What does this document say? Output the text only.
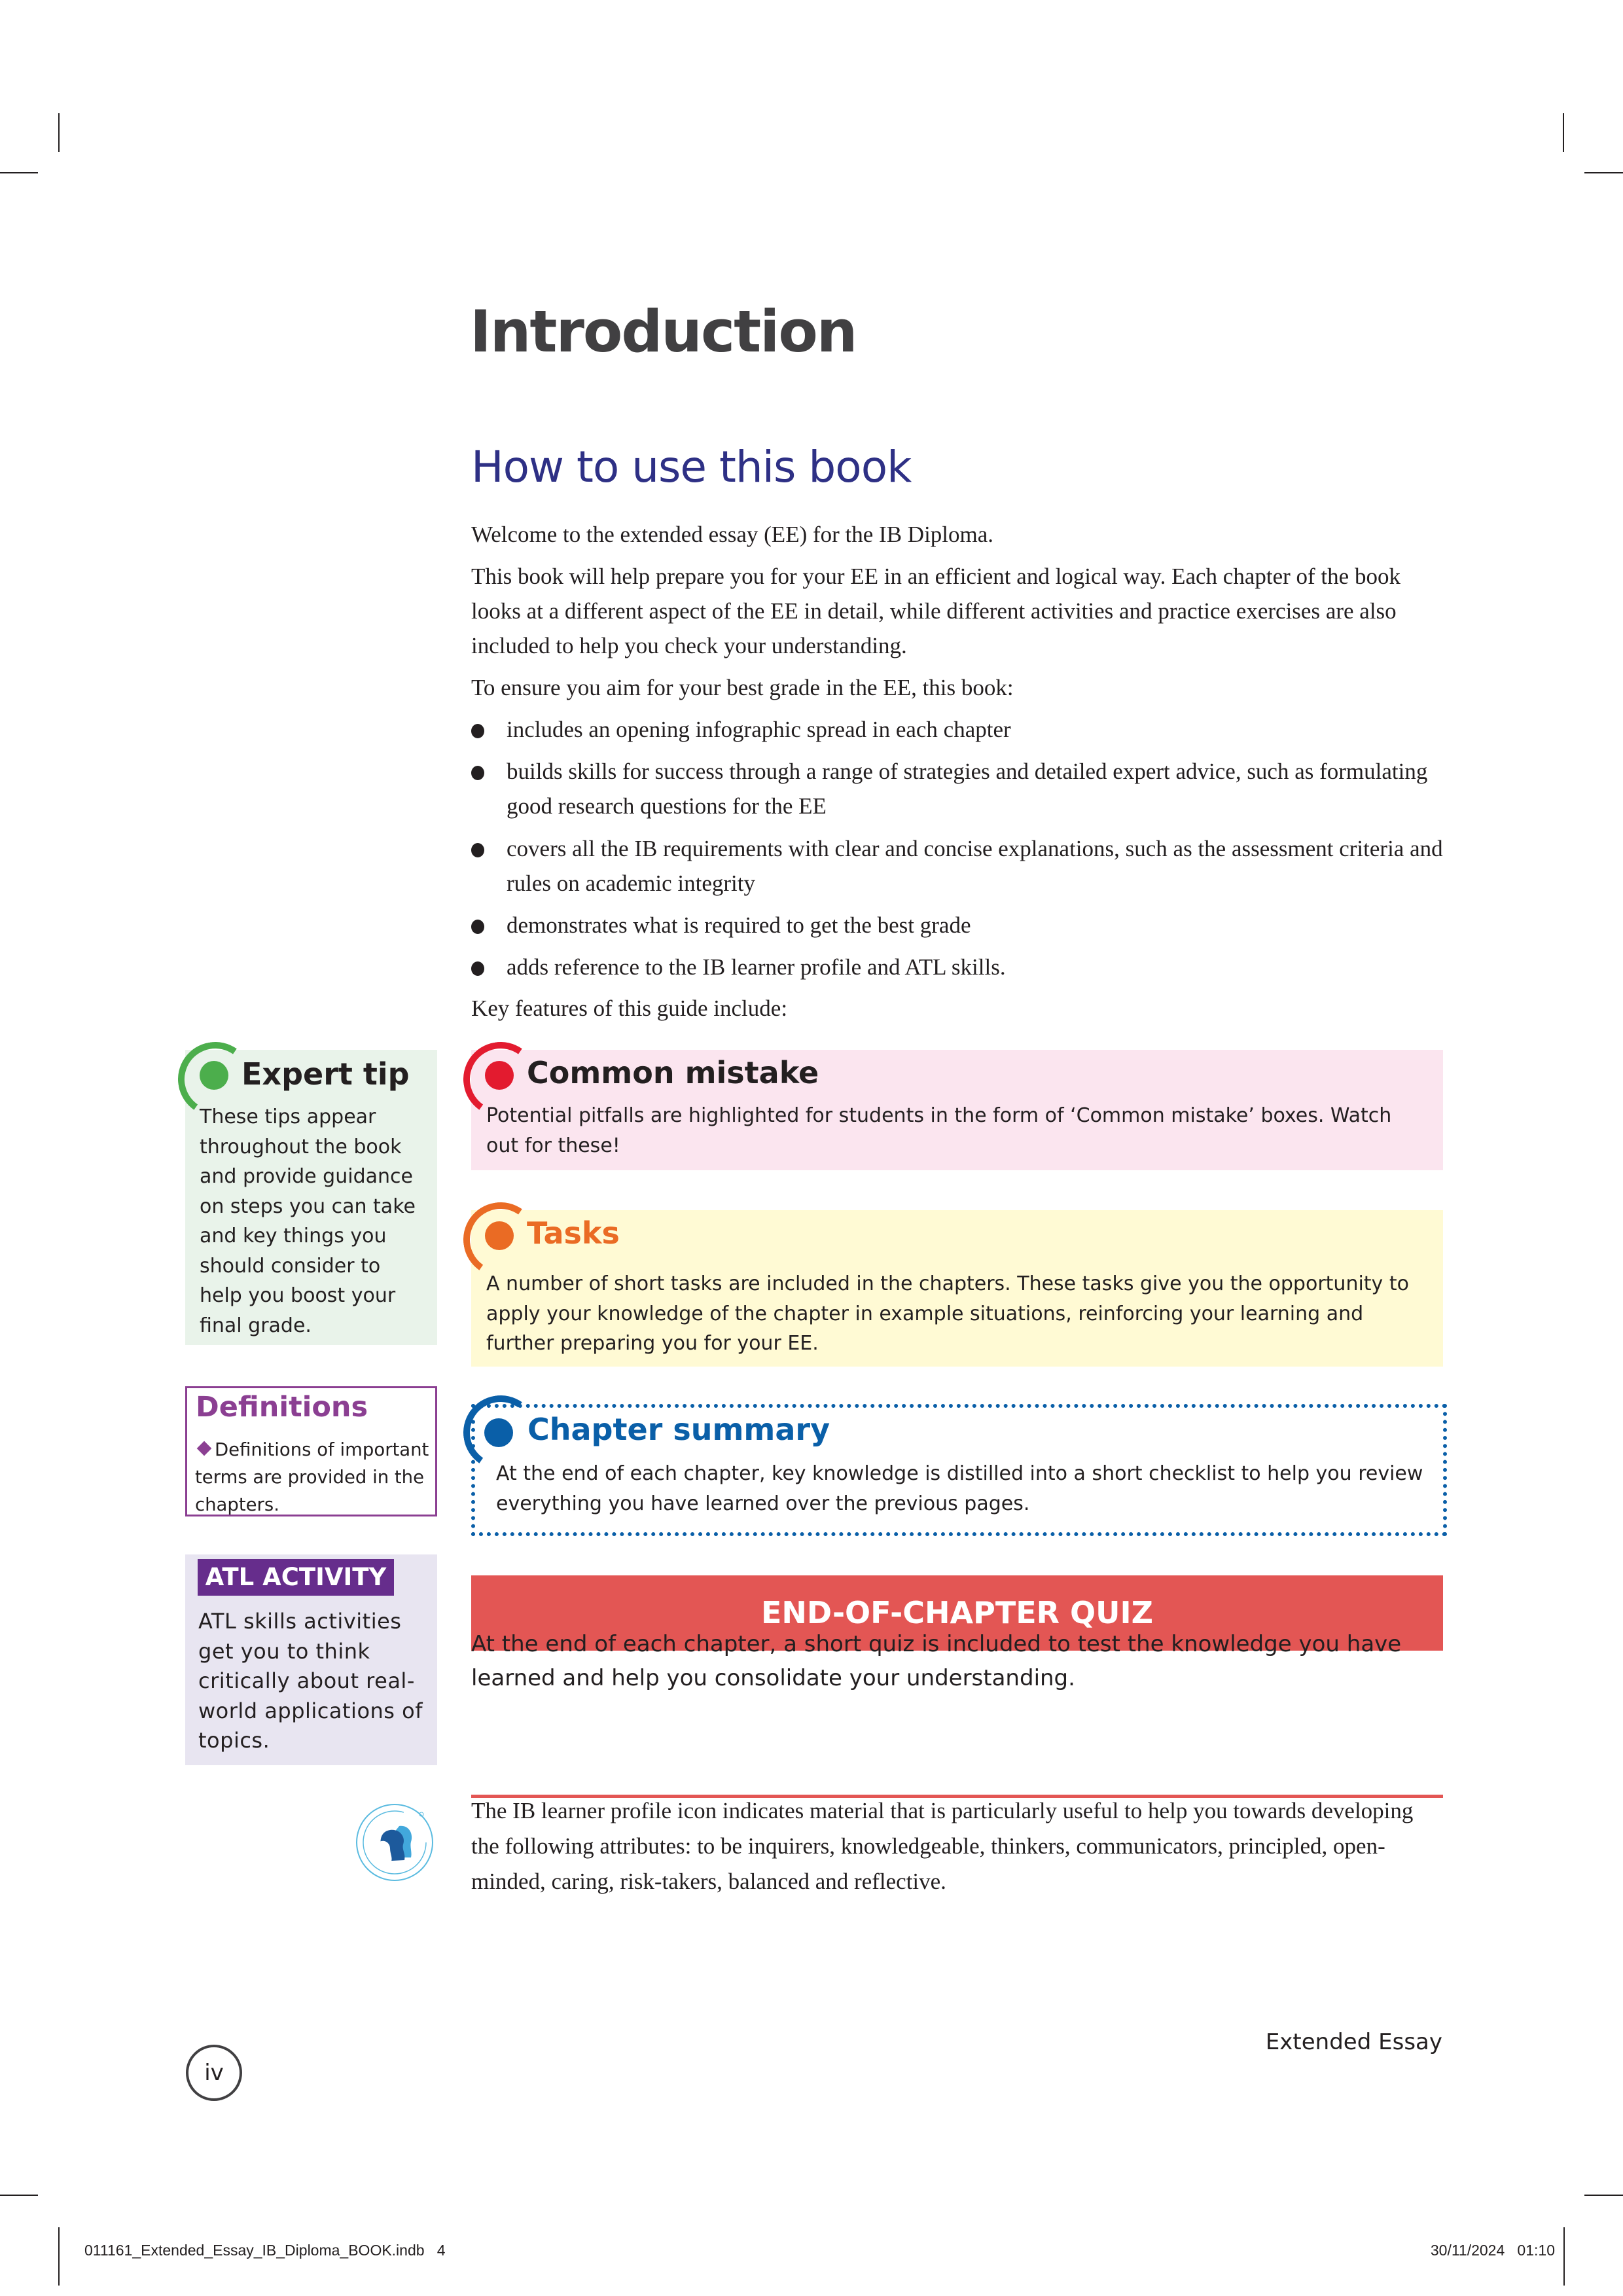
Introduction
How to use this book
Welcome to the extended essay (EE) for the IB Diploma.
This book will help prepare you for your EE in an efficient and logical way. Each chapter of the book looks at a different aspect of the EE in detail, while different activities and practice exercises are also included to help you check your understanding.
To ensure you aim for your best grade in the EE, this book:
includes an opening infographic spread in each chapter
builds skills for success through a range of strategies and detailed expert advice, such as formulating good research questions for the EE
covers all the IB requirements with clear and concise explanations, such as the assessment criteria and rules on academic integrity
demonstrates what is required to get the best grade
adds reference to the IB learner profile and ATL skills.
Key features of this guide include:
Expert tip
These tips appear throughout the book and provide guidance on steps you can take and key things you should consider to help you boost your final grade.
Definitions
Definitions of important terms are provided in the chapters.
ATL ACTIVITY
ATL skills activities get you to think critically about real-world applications of topics.
Common mistake
Potential pitfalls are highlighted for students in the form of ‘Common mistake’ boxes. Watch out for these!
Tasks
A number of short tasks are included in the chapters. These tasks give you the opportunity to apply your knowledge of the chapter in example situations, reinforcing your learning and further preparing you for your EE.
Chapter summary
At the end of each chapter, key knowledge is distilled into a short checklist to help you review everything you have learned over the previous pages.
END-OF-CHAPTER QUIZ
At the end of each chapter, a short quiz is included to test the knowledge you have learned and help you consolidate your understanding.
The IB learner profile icon indicates material that is particularly useful to help you towards developing the following attributes: to be inquirers, knowledgeable, thinkers, communicators, principled, open-minded, caring, risk-takers, balanced and reflective.
iv
Extended Essay
011161_Extended_Essay_IB_Diploma_BOOK.indb   4	30/11/2024   01:10
